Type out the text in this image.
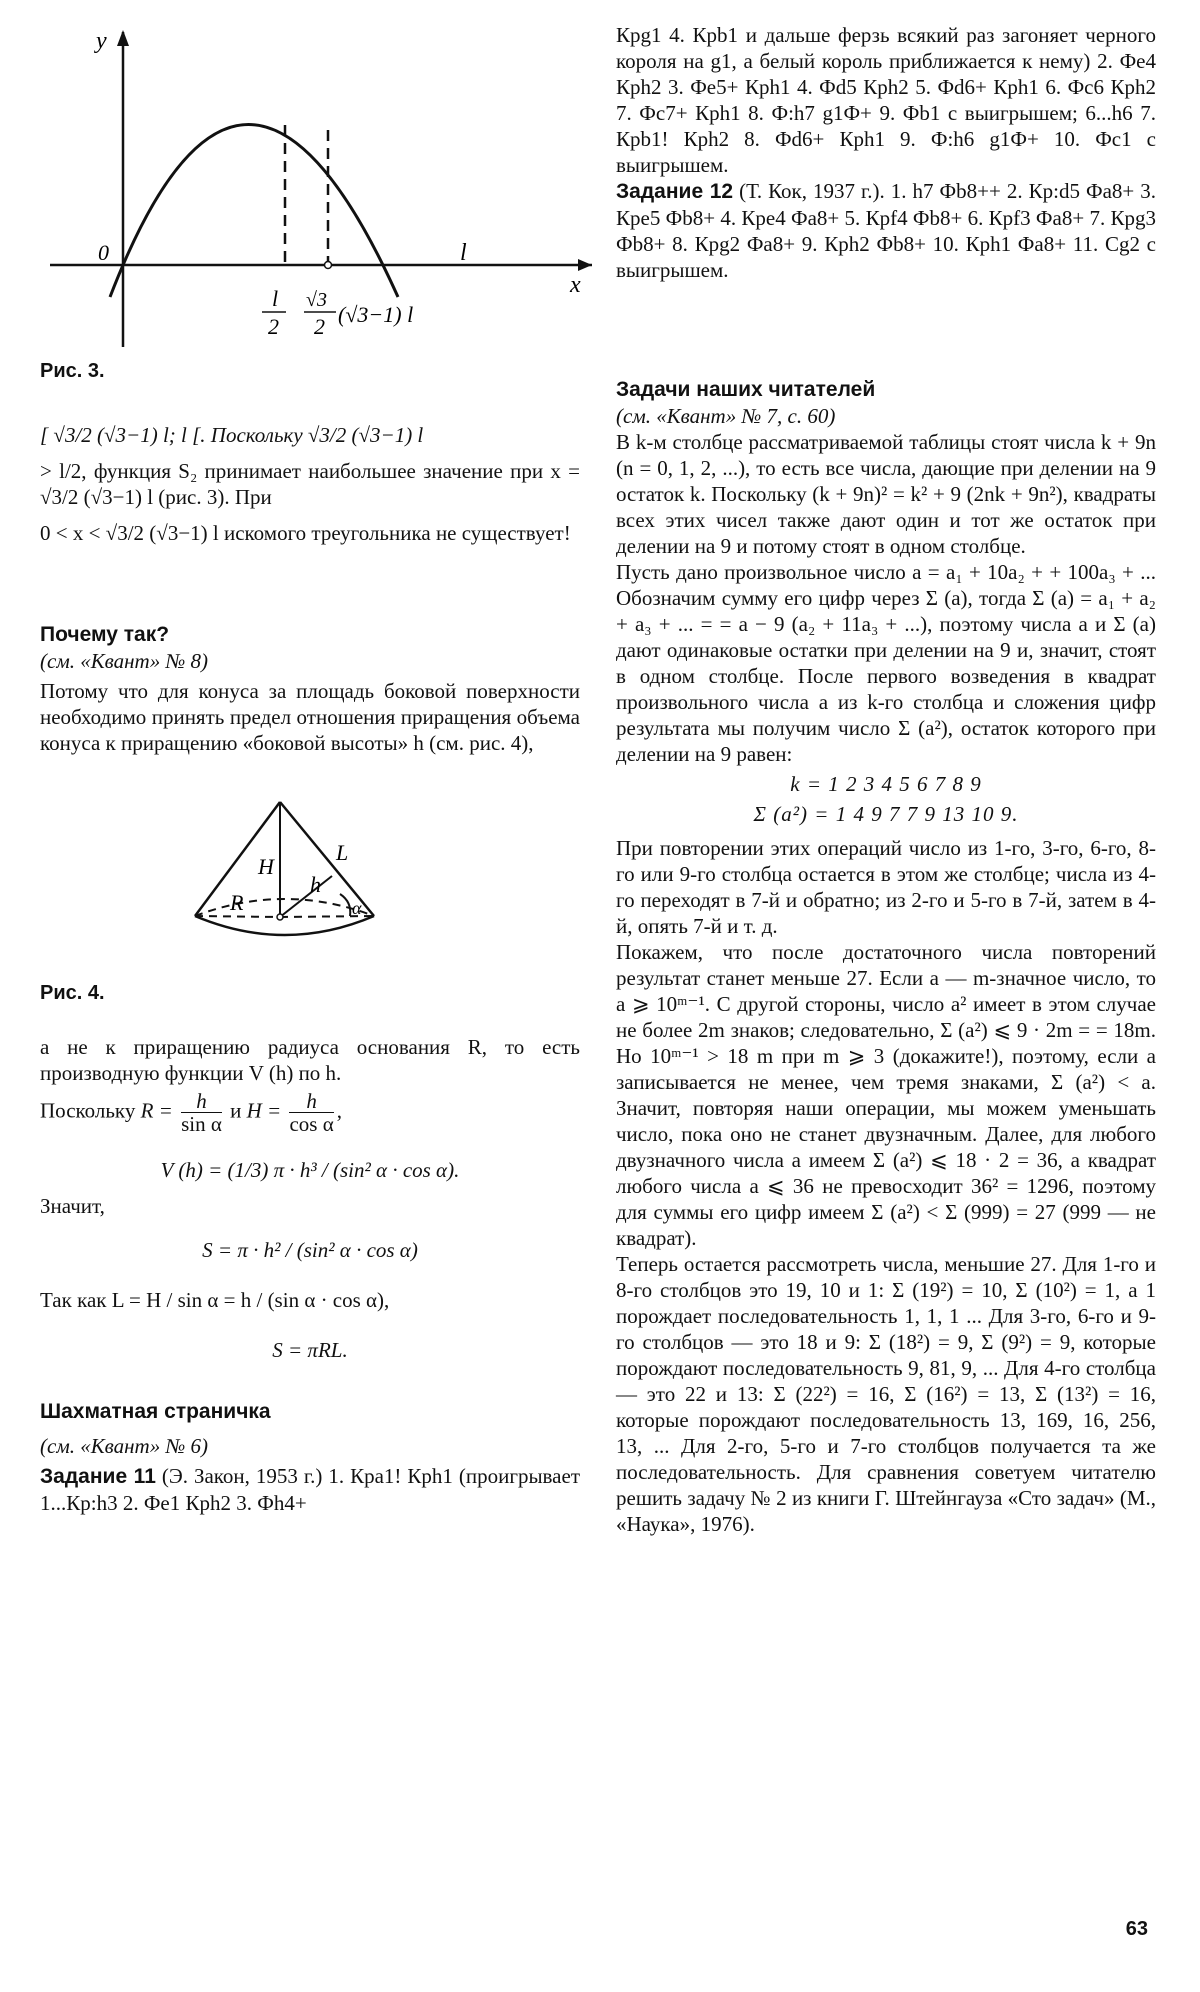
y
x
0	l
l
2
√3
2 (√3−1) l

Рис. 3.

[ √3/2 (√3−1) l; l [. Поскольку √3/2 (√3−1) l

> l/2, функция S₂ принимает наибольшее значение при x = √3/2 (√3−1) l (рис. 3). При

0 < x < √3/2 (√3−1) l искомого треугольника не существует!

Почему так?

(см. «Квант» № 8)

Потому что для конуса за площадь боковой поверхности необходимо принять предел отношения приращения объема конуса к приращению «боковой высоты» h (см. рис. 4),

H
L
R
h
α

Рис. 4.

а не к приращению радиуса основания R, то есть производную функции V (h) по h.

Поскольку $R = \frac{h}{\text{sin α}}$ и $H = \frac{h}{\text{cos α}}$ ,

V (h) = (1/3) π · h³ / (sin² α · cos α).

Значит,

S = π · h² / (sin² α · cos α)

Так как L = H / sin α = h / (sin α · cos α),

S = πRL.

Шахматная страничка

(см. «Квант» № 6)

Задание 11 (Э. Закон, 1953 г.) 1. Кра1! Крh1 (проигрывает 1...Кр:h3 2. Фе1 Крh2 3. Фh4+

Крg1 4. Крb1 и дальше ферзь всякий раз загоняет черного короля на g1, а белый король приближается к нему) 2. Фе4 Крh2 3. Фе5+ Крh1 4. Фd5 Крh2 5. Фd6+ Крh1 6. Фс6 Крh2 7. Фс7+ Крh1 8. Ф:h7 g1Ф+ 9. Фb1 с выигрышем; 6...h6 7. Крb1! Крh2 8. Фd6+ Крh1 9. Ф:h6 g1Ф+ 10. Фс1 с выигрышем.

Задание 12 (Т. Кок, 1937 г.). 1. h7 Фb8++ 2. Кр:d5 Фа8+ 3. Кре5 Фb8+ 4. Кре4 Фа8+ 5. Крf4 Фb8+ 6. Крf3 Фа8+ 7. Крg3 Фb8+ 8. Крg2 Фа8+ 9. Крh2 Фb8+ 10. Крh1 Фа8+ 11. Сg2 с выигрышем.

Задачи наших читателей

(см. «Квант» № 7, с. 60)

В k-м столбце рассматриваемой таблицы стоят числа k + 9n (n = 0, 1, 2, ...), то есть все числа, дающие при делении на 9 остаток k. Поскольку (k + 9n)² = k² + 9 (2nk + 9n²), квадраты всех этих чисел также дают один и тот же остаток при делении на 9 и потому стоят в одном столбце.

Пусть дано произвольное число a = a₁ + 10a₂ + + 100a₃ + ... Обозначим сумму его цифр через Σ (a), тогда Σ (a) = a₁ + a₂ + a₃ + ... = = a − 9 (a₂ + 11a₃ + ...), поэтому числа a и Σ (a) дают одинаковые остатки при делении на 9 и, значит, стоят в одном столбце. После первого возведения в квадрат произвольного числа a из k-го столбца и сложения цифр результата мы получим число Σ (a²), остаток которого при делении на 9 равен:

k = 1 2 3 4 5 6 7 8 9

Σ (a²) = 1 4 9 7 7 9 13 10 9.

При повторении этих операций число из 1-го, 3-го, 6-го, 8-го или 9-го столбца остается в этом же столбце; числа из 4-го переходят в 7-й и обратно; из 2-го и 5-го в 7-й, затем в 4-й, опять 7-й и т. д.

Покажем, что после достаточного числа повторений результат станет меньше 27. Если a — m-значное число, то a ⩾ 10ᵐ⁻¹. С другой стороны, число a² имеет в этом случае не более 2m знаков; следовательно, Σ (a²) ⩽ 9 · 2m = = 18m. Но 10ᵐ⁻¹ > 18 m при m ⩾ 3 (докажите!), поэтому, если a записывается не менее, чем тремя знаками, Σ (a²) < a. Значит, повторяя наши операции, мы можем уменьшать число, пока оно не станет двузначным. Далее, для любого двузначного числа a имеем Σ (a²) ⩽ 18 · 2 = 36, а квадрат любого числа a ⩽ 36 не превосходит 36² = 1296, поэтому для суммы его цифр имеем Σ (a²) < Σ (999) = 27 (999 — не квадрат).

Теперь остается рассмотреть числа, меньшие 27. Для 1-го и 8-го столбцов это 19, 10 и 1: Σ (19²) = 10, Σ (10²) = 1, а 1 порождает последовательность 1, 1, 1 ... Для 3-го, 6-го и 9-го столбцов — это 18 и 9: Σ (18²) = 9, Σ (9²) = 9, которые порождают последовательность 9, 81, 9, ... Для 4-го столбца — это 22 и 13: Σ (22²) = 16, Σ (16²) = 13, Σ (13²) = 16, которые порождают последовательность 13, 169, 16, 256, 13, ... Для 2-го, 5-го и 7-го столбцов получается та же последовательность. Для сравнения советуем читателю решить задачу № 2 из книги Г. Штейнгауза «Сто задач» (М., «Наука», 1976).

63
